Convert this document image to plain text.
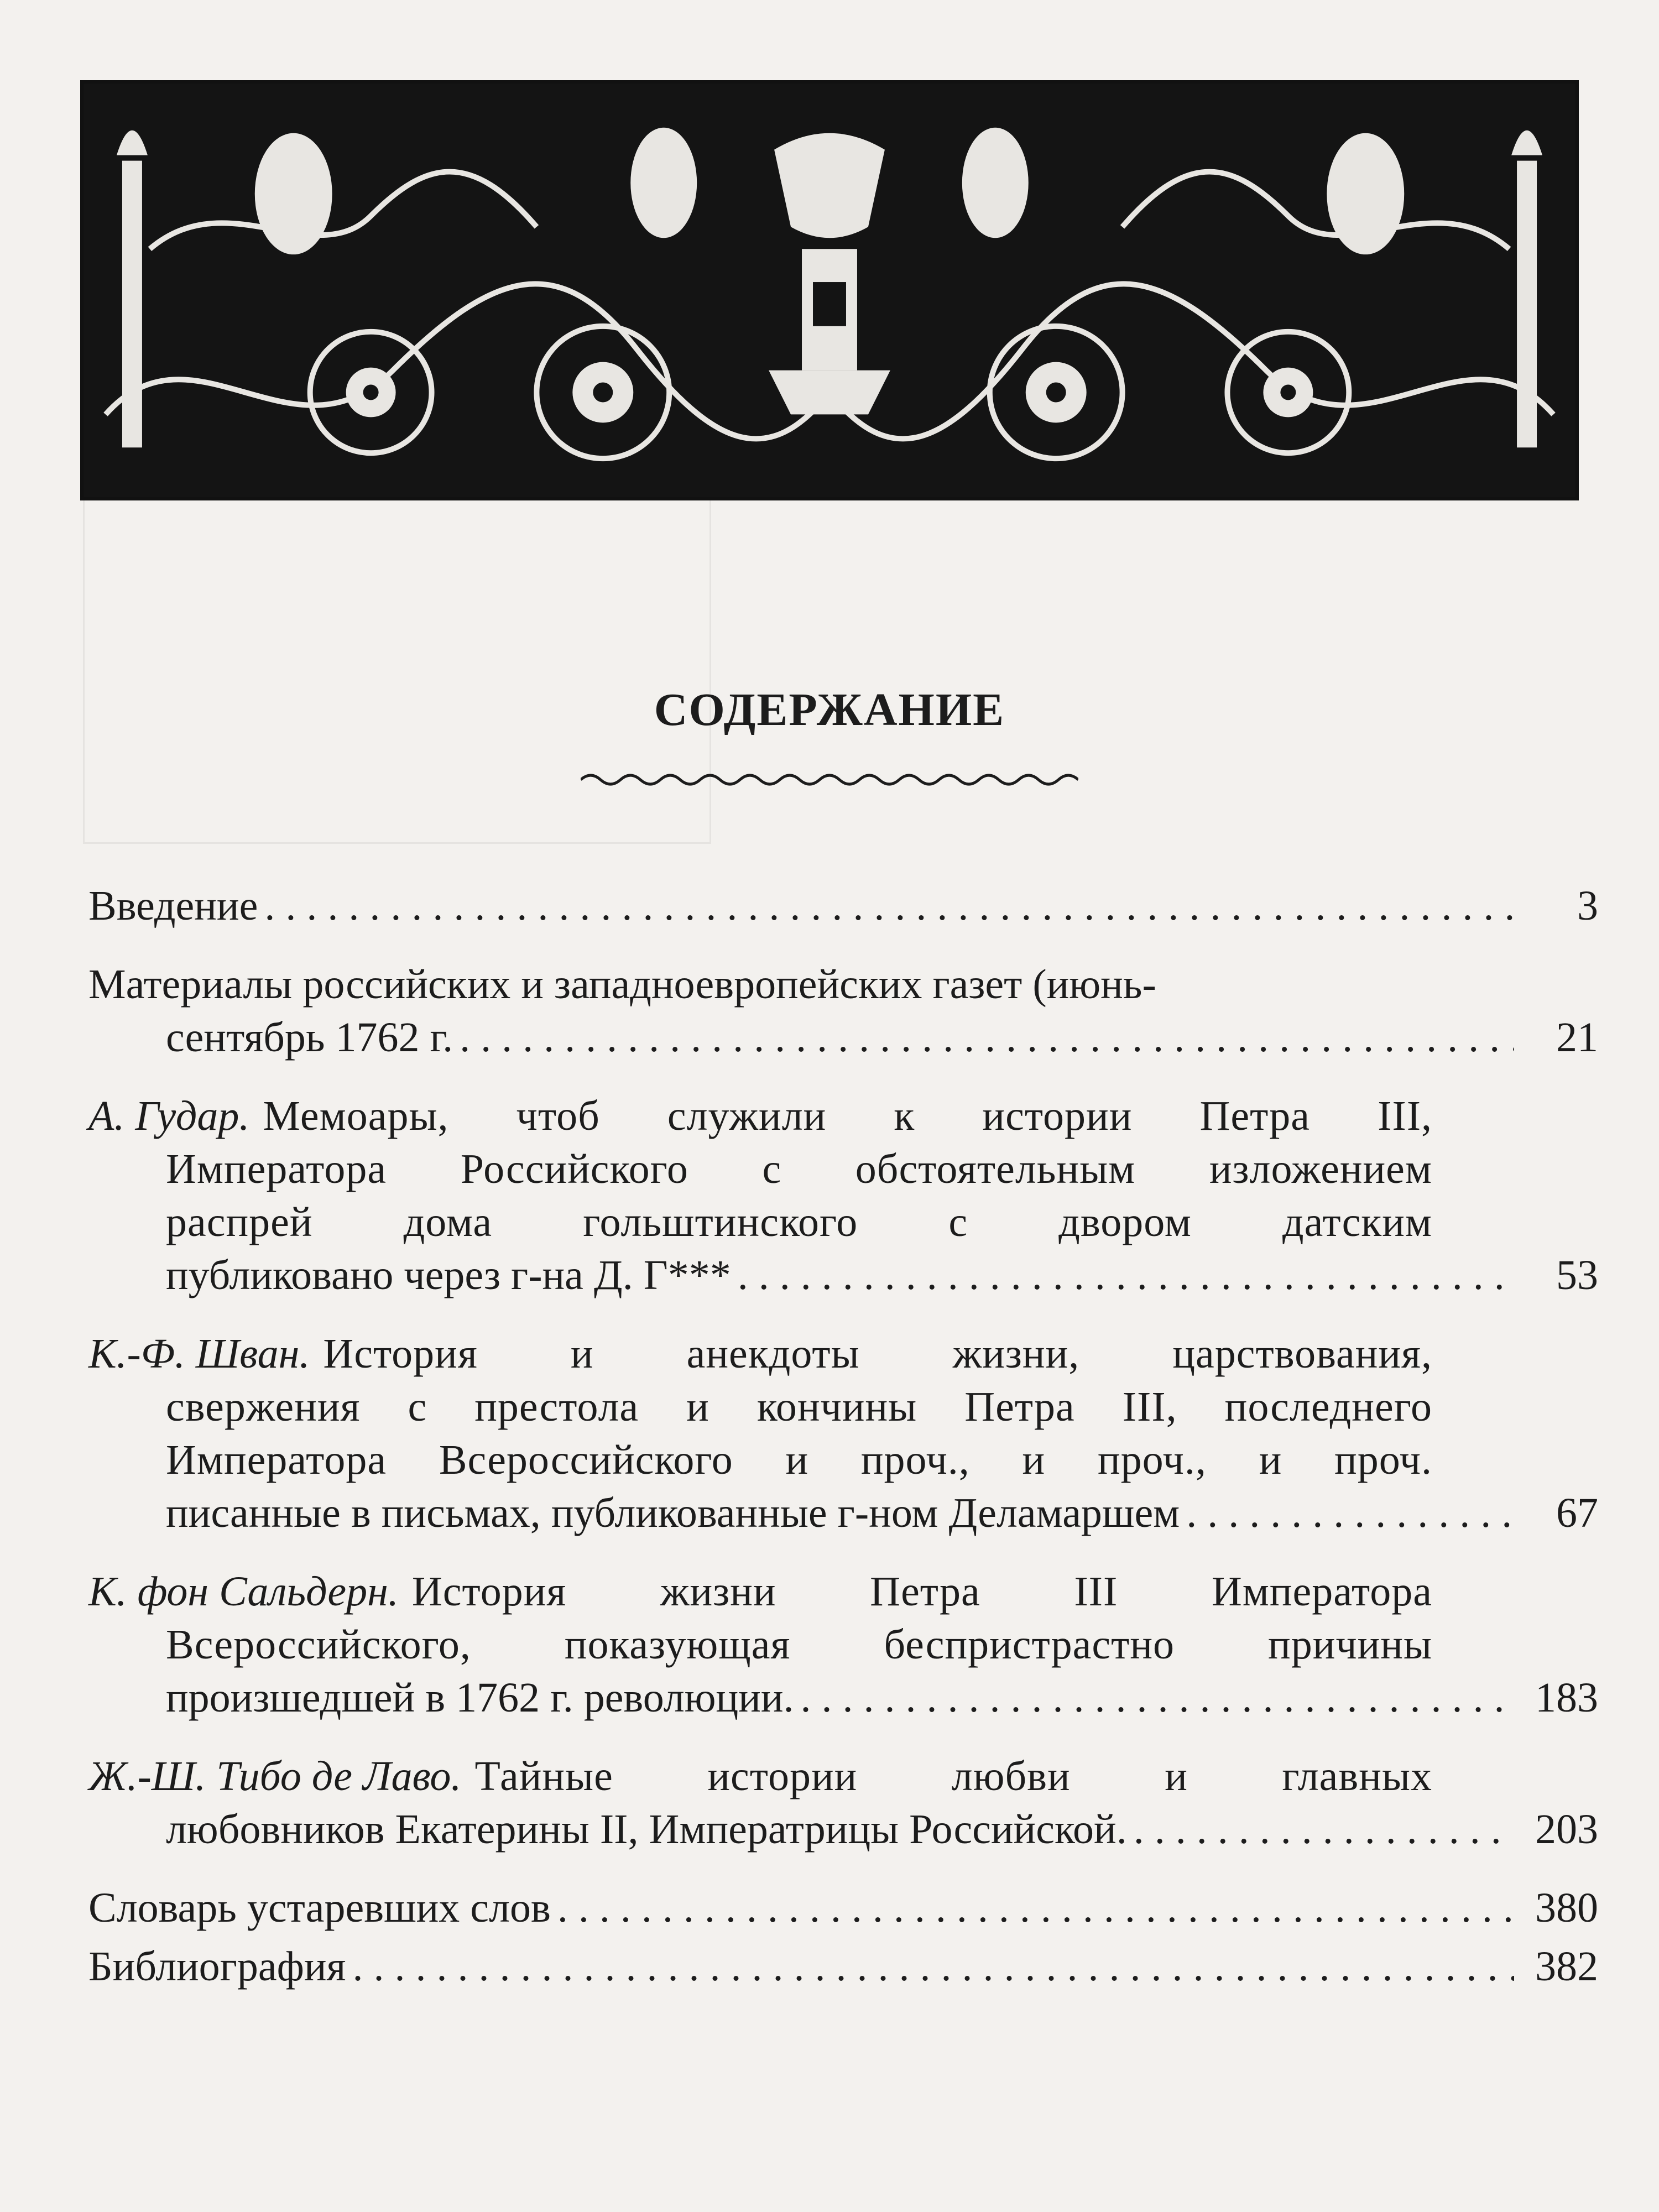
СОДЕРЖАНИЕ
Введение . . .	3
Материалы российских и западноевропейских газет (июнь-
сентябрь 1762 г. . . .	21
А. Гудар. Мемоары, чтоб служили к истории Петра III,
Императора Российского с обстоятельным изложением
распрей дома гольштинского с двором датским
публиковано через г-на Д. Г*** . . .	53
К.-Ф. Шван. История и анекдоты жизни, царствования,
свержения с престола и кончины Петра III, последнего
Императора Всероссийского и проч., и проч., и проч.
писанные в письмах, публикованные г-ном Деламаршем . . .	67
К. фон Сальдерн. История жизни Петра III Императора
Всероссийского, показующая беспристрастно причины
произшедшей в 1762 г. революции. . . .	183
Ж.-Ш. Тибо де Лаво. Тайные истории любви и главных
любовников Екатерины II, Императрицы Российской. . . .	203
Словарь устаревших слов . . .	380
Библиография . . .	382
